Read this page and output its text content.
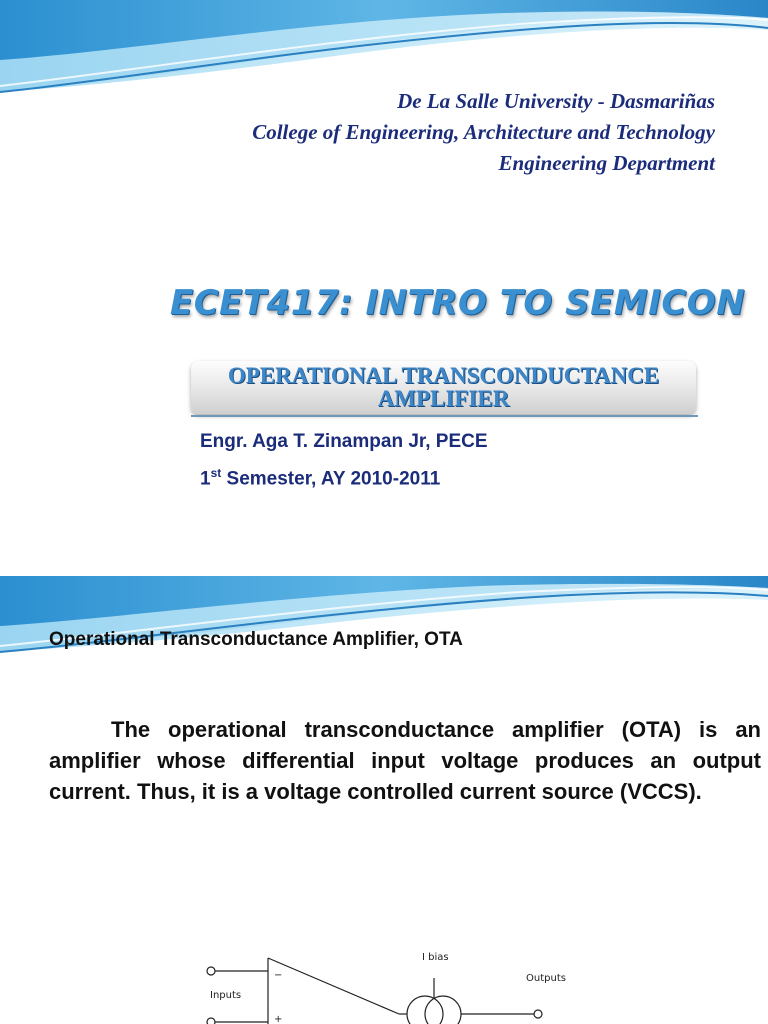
De La Salle University - Dasmariñas
College of Engineering, Architecture and Technology
Engineering Department
ECET417: INTRO TO SEMICON
OPERATIONAL TRANSCONDUCTANCE
AMPLIFIER
Engr. Aga T. Zinampan Jr, PECE
1st Semester, AY 2010-2011
Operational Transconductance Amplifier, OTA
The operational transconductance amplifier (OTA) is an amplifier whose differential input voltage produces an output current. Thus, it is a voltage controlled current source (VCCS).
Inputs
−
+
I bias
Outputs
